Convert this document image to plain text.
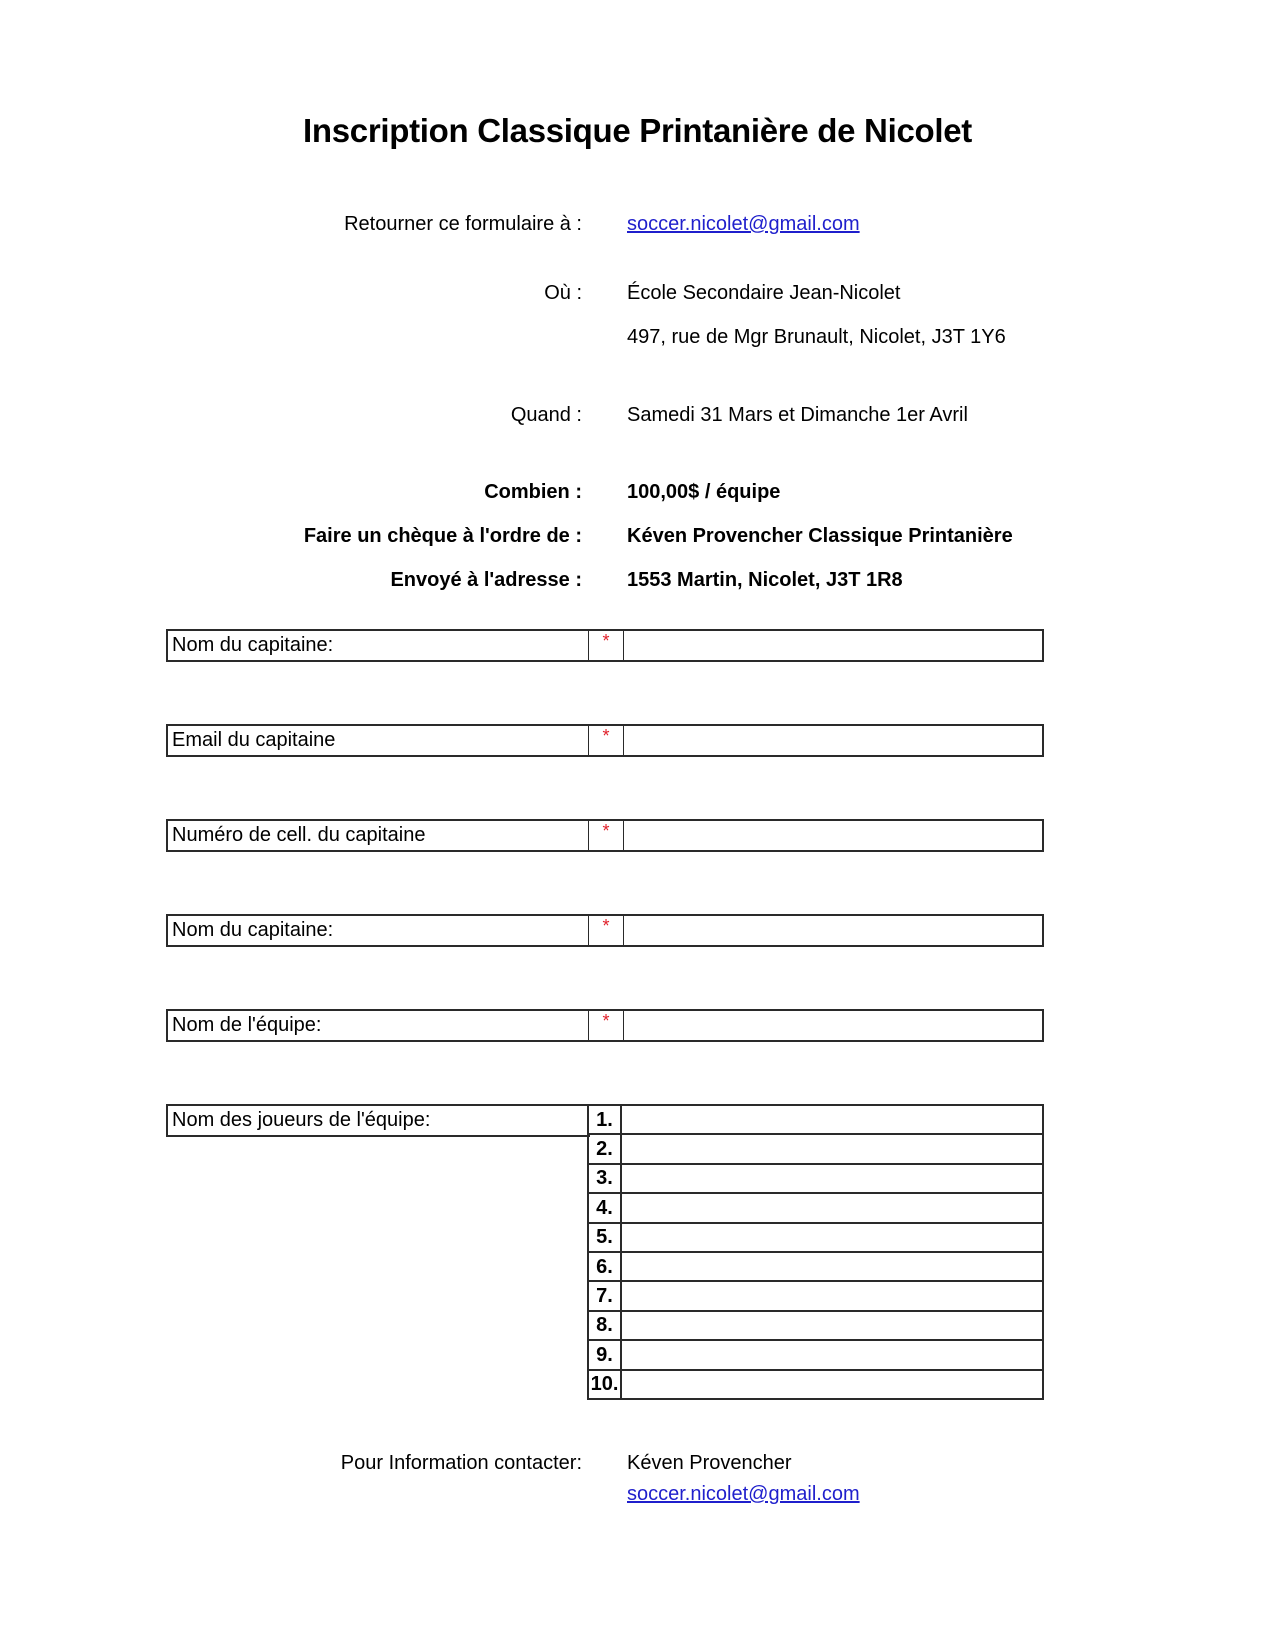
Inscription Classique Printanière de Nicolet
Retourner ce formulaire à : soccer.nicolet@gmail.com
Où : École Secondaire Jean-Nicolet
497, rue de Mgr Brunault, Nicolet, J3T 1Y6
Quand : Samedi 31 Mars et Dimanche 1er Avril
Combien : 100,00$ / équipe
Faire un chèque à l'ordre de : Kéven Provencher Classique Printanière
Envoyé à l'adresse : 1553 Martin, Nicolet, J3T 1R8
Nom du capitaine:	*
Email du capitaine	*
Numéro de cell. du capitaine	*
Nom du capitaine:	*
Nom de l'équipe:	*
Nom des joueurs de l'équipe:	1.	
2.	
3.	
4.	
5.	
6.	
7.	
8.	
9.	
10.	
Pour Information contacter: Kéven Provencher
soccer.nicolet@gmail.com
